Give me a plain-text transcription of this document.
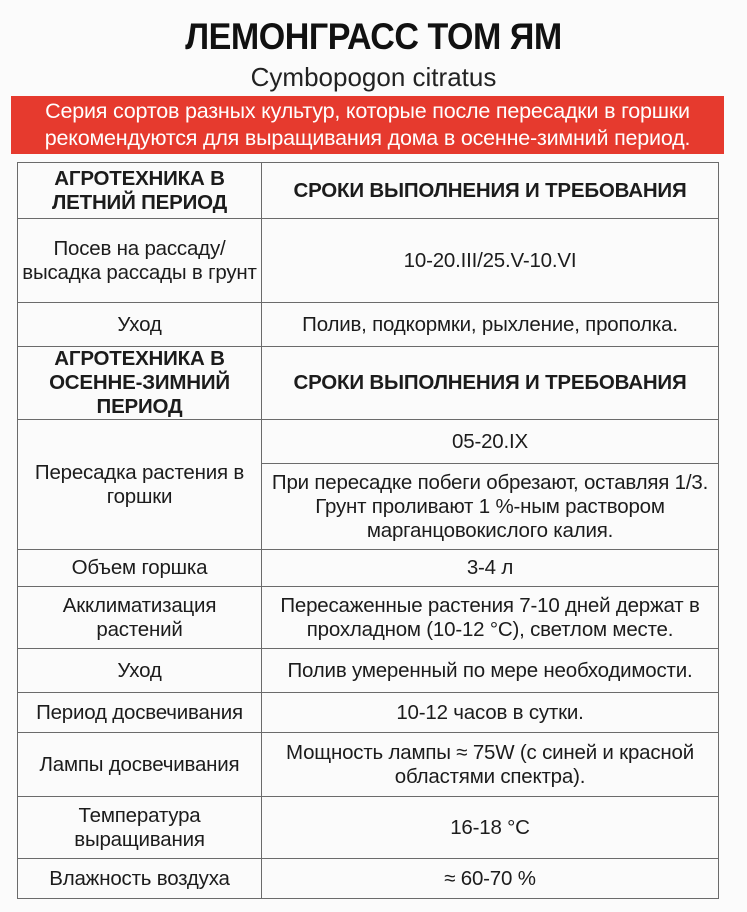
ЛЕМОНГРАСС ТОМ ЯМ
Cymbopogon citratus
Серия сортов разных культур, которые после пересадки в горшки
рекомендуются для выращивания дома в осенне-зимний период.
АГРОТЕХНИКА В ЛЕТНИЙ ПЕРИОД	СРОКИ ВЫПОЛНЕНИЯ И ТРЕБОВАНИЯ
Посев на рассаду/ высадка рассады в грунт	10-20.III/25.V-10.VI
Уход	Полив, подкормки, рыхление, прополка.
АГРОТЕХНИКА В ОСЕННЕ-ЗИМНИЙ ПЕРИОД	СРОКИ ВЫПОЛНЕНИЯ И ТРЕБОВАНИЯ
Пересадка растения в горшки	05-20.IX
	При пересадке побеги обрезают, оставляя 1/3. Грунт проливают 1 %-ным раствором марганцовокислого калия.
Объем горшка	3-4 л
Акклиматизация растений	Пересаженные растения 7-10 дней держат в прохладном (10-12 °С), светлом месте.
Уход	Полив умеренный по мере необходимости.
Период досвечивания	10-12 часов в сутки.
Лампы досвечивания	Мощность лампы ≈ 75W (с синей и красной областями спектра).
Температура выращивания	16-18 °С
Влажность воздуха	≈ 60-70 %
